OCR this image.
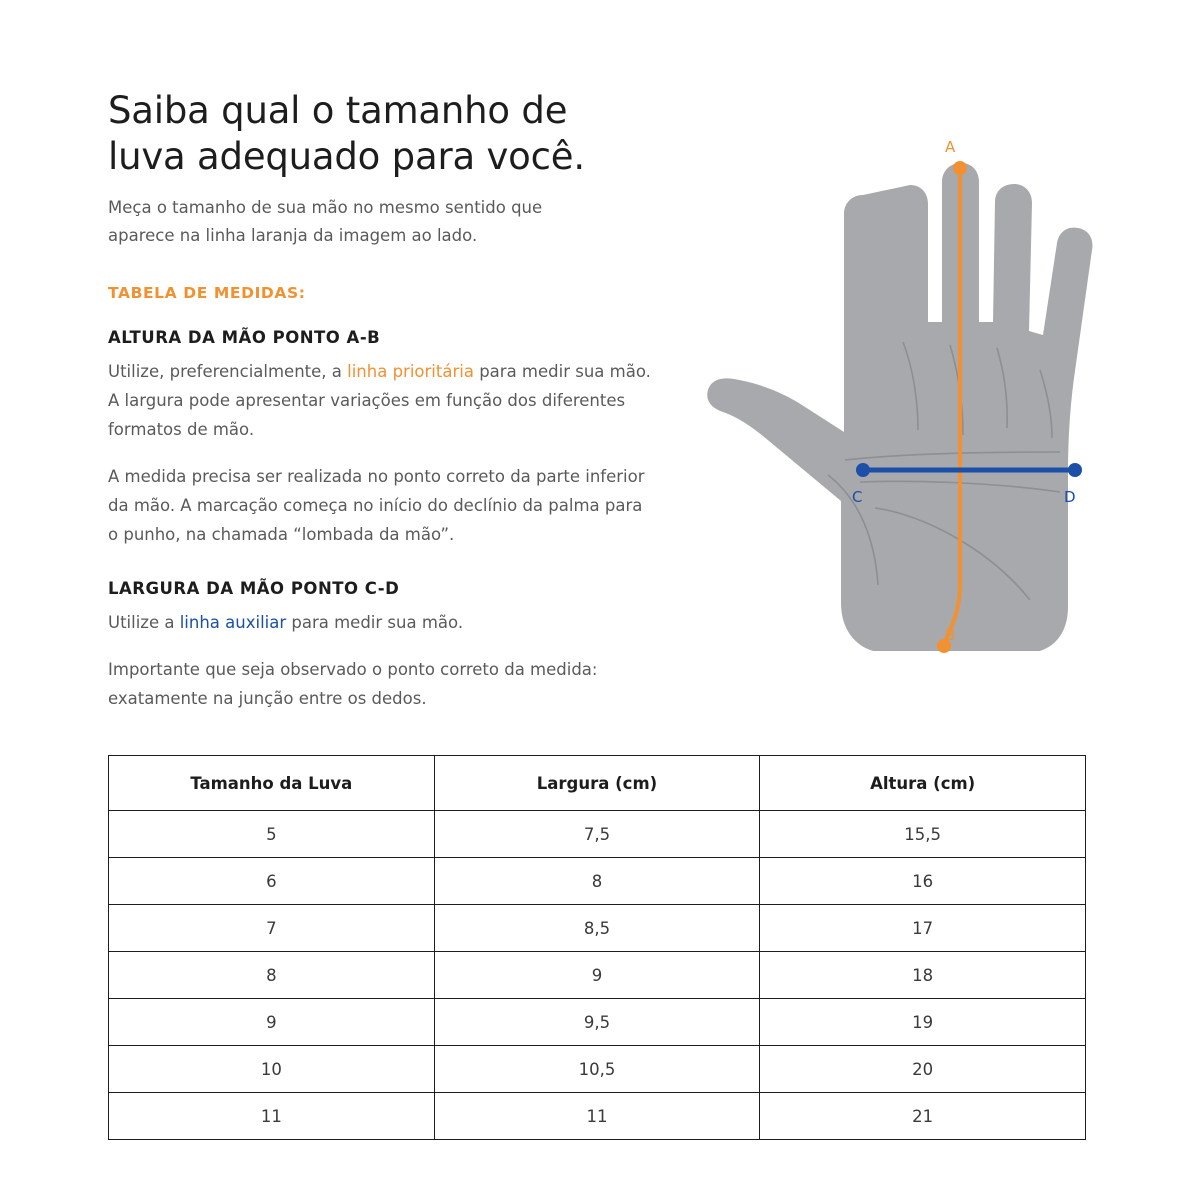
Saiba qual o tamanho de luva adequado para você.

Meça o tamanho de sua mão no mesmo sentido que aparece na linha laranja da imagem ao lado.

TABELA DE MEDIDAS:
ALTURA DA MÃO PONTO A-B

Utilize, preferencialmente, a linha prioritária para medir sua mão. A largura pode apresentar variações em função dos diferentes formatos de mão.

A medida precisa ser realizada no ponto correto da parte inferior da mão. A marcação começa no início do declínio da palma para o punho, na chamada “lombada da mão”.

LARGURA DA MÃO PONTO C-D

Utilize a linha auxiliar para medir sua mão.

Importante que seja observado o ponto correto da medida: exatamente na junção entre os dedos.

A
B
C	D
Tamanho da Luva	Largura (cm)	Altura (cm)
5	7,5	15,5
6	8	16
7	8,5	17
8	9	18
9	9,5	19
10	10,5	20
11	11	21
